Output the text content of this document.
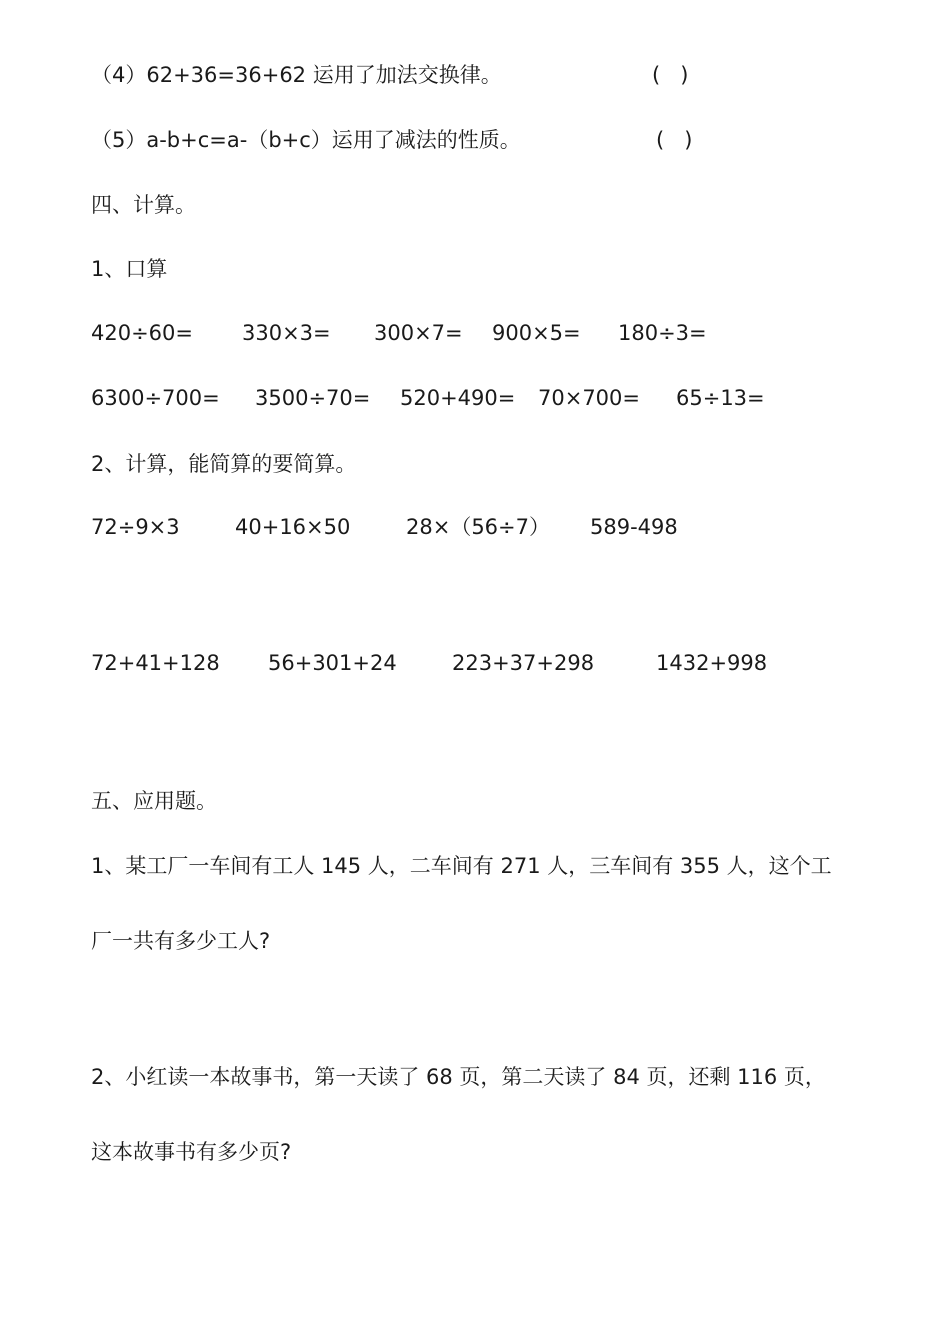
（4）62+36=36+62 运用了加法交换律。	(   )
（5）a-b+c=a-（b+c）运用了减法的性质。	(   )
四、计算。
1、口算
420÷60= 330×3= 300×7= 900×5= 180÷3=
6300÷700= 3500÷70= 520+490= 70×700= 65÷13=
2、计算，能简算的要简算。
72÷9×3	40+16×50	28×（56÷7） 589-498
72+41+128 56+301+24	223+37+298	1432+998
五、应用题。
1、某工厂一车间有工人 145 人，二车间有 271 人，三车间有 355 人，这个工
厂一共有多少工人?
2、小红读一本故事书，第一天读了 68 页，第二天读了 84 页，还剩 116 页，
这本故事书有多少页?
